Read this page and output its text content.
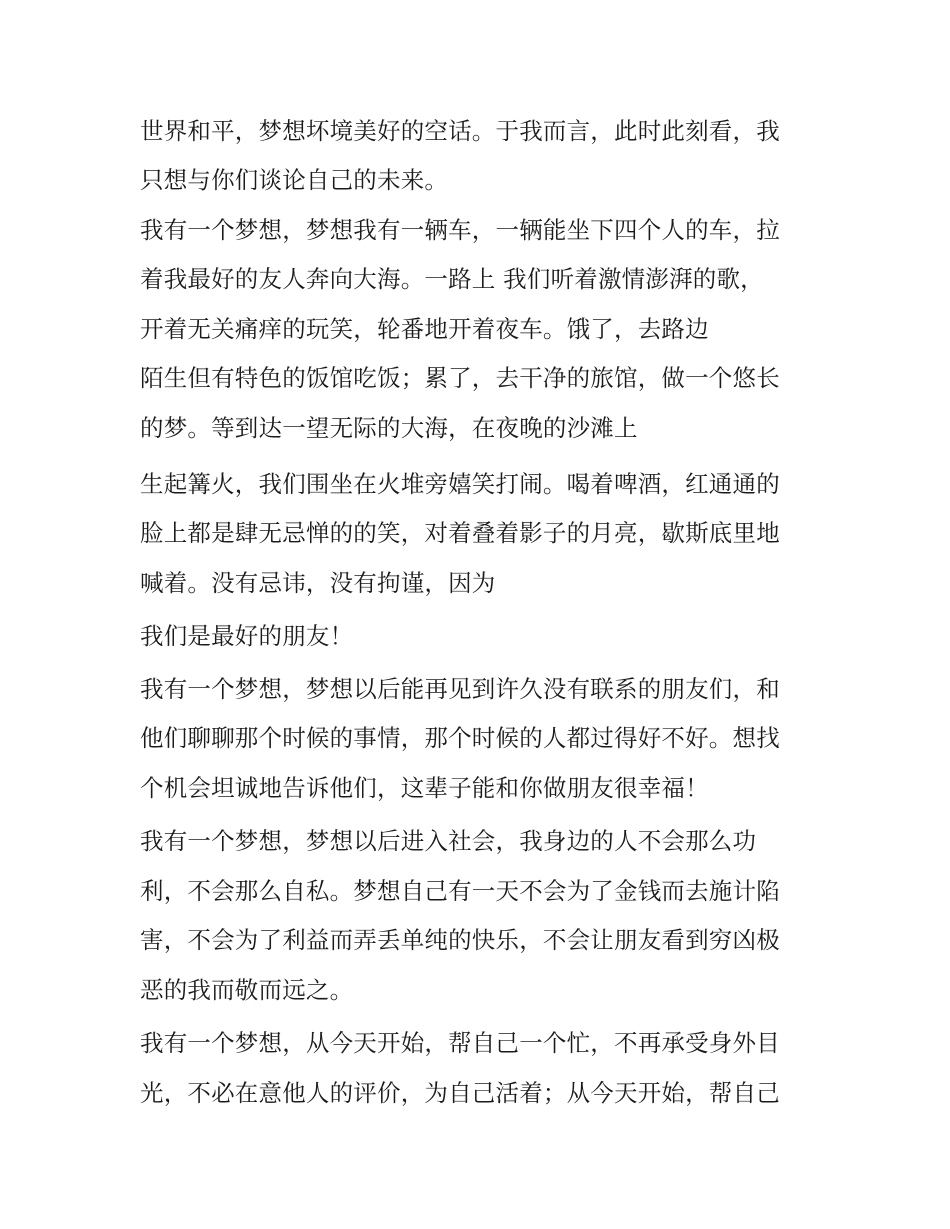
世界和平，梦想坏境美好的空话。于我而言，此时此刻看，我
只想与你们谈论自己的未来。
我有一个梦想，梦想我有一辆车，一辆能坐下四个人的车，拉
着我最好的友人奔向大海。一路上 我们听着激情澎湃的歌，
开着无关痛痒的玩笑，轮番地开着夜车。饿了，去路边
陌生但有特色的饭馆吃饭；累了，去干净的旅馆，做一个悠长
的梦。等到达一望无际的大海，在夜晚的沙滩上
生起篝火，我们围坐在火堆旁嬉笑打闹。喝着啤酒，红通通的
脸上都是肆无忌惮的的笑，对着叠着影子的月亮，歇斯底里地
喊着。没有忌讳，没有拘谨，因为
我们是最好的朋友！
我有一个梦想，梦想以后能再见到许久没有联系的朋友们，和
他们聊聊那个时候的事情，那个时候的人都过得好不好。想找
个机会坦诚地告诉他们，这辈子能和你做朋友很幸福！
我有一个梦想，梦想以后进入社会，我身边的人不会那么功
利，不会那么自私。梦想自己有一天不会为了金钱而去施计陷
害，不会为了利益而弄丢单纯的快乐，不会让朋友看到穷凶极
恶的我而敬而远之。
我有一个梦想，从今天开始，帮自己一个忙，不再承受身外目
光，不必在意他人的评价，为自己活着；从今天开始，帮自己
